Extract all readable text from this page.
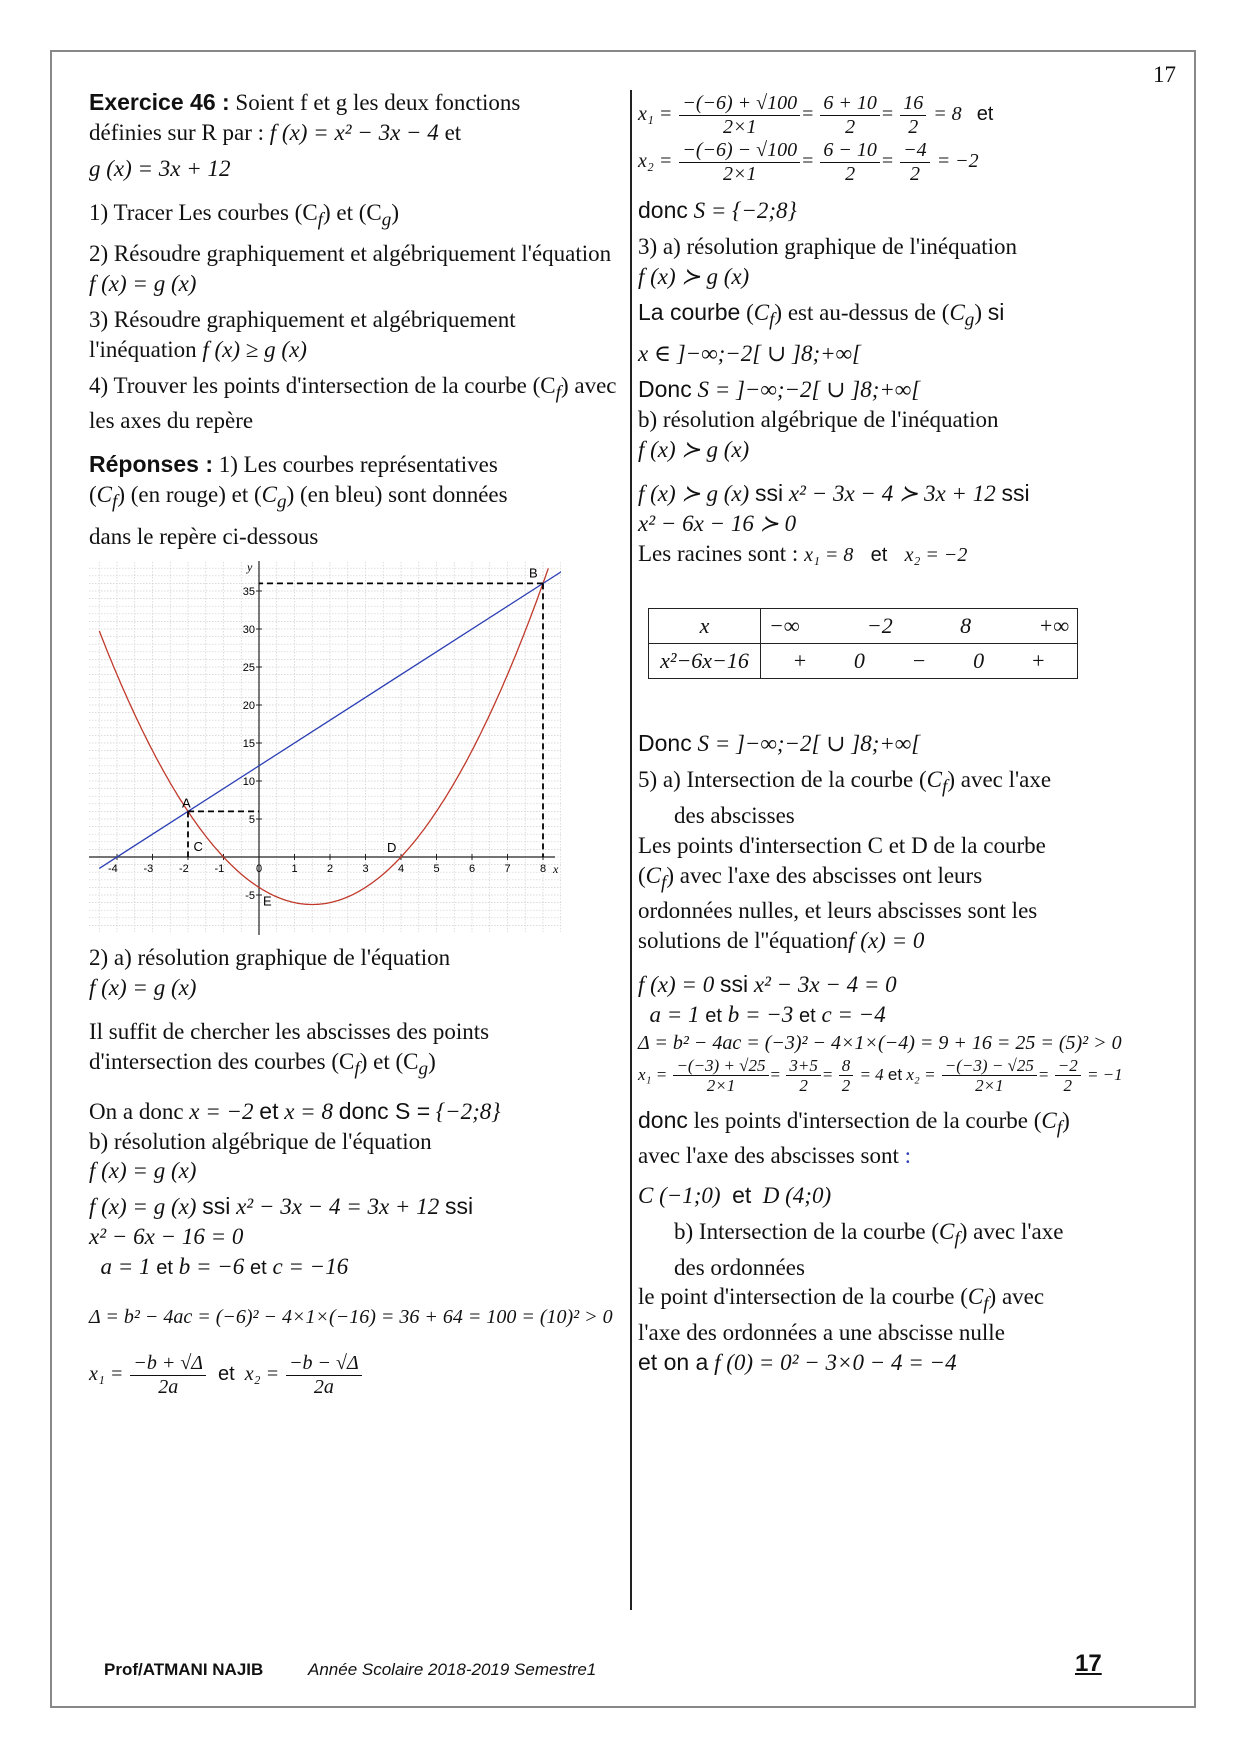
17

Exercice 46 : Soient f et g les deux fonctions

définies sur R par : f (x) = x² − 3x − 4 et

g (x) = 3x + 12

1) Tracer Les courbes $(C_f)$ et $(C_g)$

2) Résoudre graphiquement et algébriquement l'équation f (x) = g (x)

3) Résoudre graphiquement et algébriquement l'inéquation f (x) ≥ g (x)

4) Trouver les points d'intersection de la courbe $(C_f)$ avec les axes du repère

Réponses : 1) Les courbes représentatives

$(C_f)$ (en rouge) et $(C_g)$ (en bleu) sont données

dans le repère ci-dessous

x
y
-4 -3 -2 -1	0	1	2	3	4	5	6	7	8
-5
5
10
15
20
25
30
35
A
B
C	D
E

2) a) résolution graphique de l'équation

f (x) = g (x)

Il suffit de chercher les abscisses des points

d'intersection des courbes $(C_f)$ et $(C_g)$

On a donc x = −2 et x = 8 donc S = {−2;8}

b) résolution algébrique de l'équation

f (x) = g (x)

f (x) = g (x) ssi x² − 3x − 4 = 3x + 12 ssi

x² − 6x − 16 = 0

a = 1 et b = −6 et c = −16

Δ = b² − 4ac = (−6)² − 4×1×(−16) = 36 + 64 = 100 = (10)² > 0

$x_1 = \frac{-b + √\Delta}{2a}$ et $x_2 = \frac{-b - √\Delta}{2a}$

$x_1 = \frac{-(-6) + √100}{2\times 1} = \frac{6 + 10}{2} = \frac{16}{2} = 8$ et

$x_2 = \frac{-(-6) - √100}{2\times 1} = \frac{6 - 10}{2} = \frac{-4}{2} = -2$

donc S = {−2;8}

3) a) résolution graphique de l'inéquation

f (x) ≻ g (x)

La courbe $(C_f)$ est au-dessus de $(C_g)$ si

x ∈ ]−∞;−2[ ∪ ]8;+∞[

Donc S = ]−∞;−2[ ∪ ]8;+∞[

b) résolution algébrique de l'inéquation

f (x) ≻ g (x)

f (x) ≻ g (x) ssi x² − 3x − 4 ≻ 3x + 12 ssi

x² − 6x − 16 ≻ 0

Les racines sont : x₁ = 8 et x₂ = −2

x	−∞ −2 8 +∞

x²−6x−16	+ 0 − 0 +

Donc S = ]−∞;−2[ ∪ ]8;+∞[

5) a) Intersection de la courbe $(C_f)$ avec l'axe

des abscisses

Les points d'intersection C et D de la courbe

$(C_f)$ avec l'axe des abscisses ont leurs

ordonnées nulles, et leurs abscisses sont les

solutions de l''équationf (x) = 0

f (x) = 0 ssi x² − 3x − 4 = 0

a = 1 et b = −3 et c = −4

Δ = b² − 4ac = (−3)² − 4×1×(−4) = 9 + 16 = 25 = (5)² > 0

$x_1 = \frac{-(-3) + √25}{2\times 1} = \frac{3+5}{2} = \frac{8}{2} = 4$ et $x_2 = \frac{-(-3) - √25}{2\times 1} = \frac{-2}{2} = -1$

donc les points d'intersection de la courbe $(C_f)$

avec l'axe des abscisses sont :

C (−1;0) et D (4;0)

b) Intersection de la courbe $(C_f)$ avec l'axe

des ordonnées

le point d'intersection de la courbe $(C_f)$ avec

l'axe des ordonnées a une abscisse nulle

et on a f (0) = 0² − 3×0 − 4 = −4

Prof/ATMANI NAJIB	Année Scolaire 2018-2019 Semestre1	17
